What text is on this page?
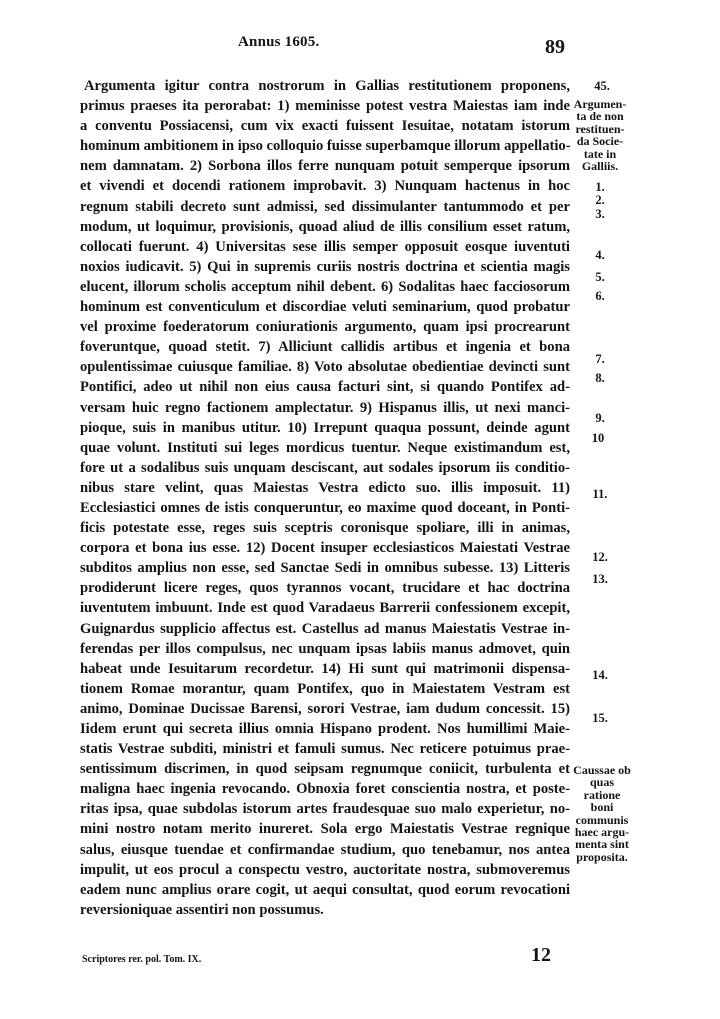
Annus 1605.	89
Argumenta igitur contra nostrorum in Gallias restitutionem proponens,
primus praeses ita perorabat: 1) meminisse potest vestra Maiestas iam inde
a conventu Possiacensi, cum vix exacti fuissent Iesuitae, notatam istorum
hominum ambitionem in ipso colloquio fuisse superbamque illorum appellatio-
nem damnatam. 2) Sorbona illos ferre nunquam potuit semperque ipsorum
et vivendi et docendi rationem improbavit. 3) Nunquam hactenus in hoc
regnum stabili decreto sunt admissi, sed dissimulanter tantummodo et per
modum, ut loquimur, provisionis, quoad aliud de illis consilium esset ratum,
collocati fuerunt. 4) Universitas sese illis semper opposuit eosque iuventuti
noxios iudicavit. 5) Qui in supremis curiis nostris doctrina et scientia magis
elucent, illorum scholis acceptum nihil debent. 6) Sodalitas haec facciosorum
hominum est conventiculum et discordiae veluti seminarium, quod probatur
vel proxime foederatorum coniurationis argumento, quam ipsi procrearunt
foveruntque, quoad stetit. 7) Alliciunt callidis artibus et ingenia et bona
opulentissimae cuiusque familiae. 8) Voto absolutae obedientiae devincti sunt
Pontifici, adeo ut nihil non eius causa facturi sint, si quando Pontifex ad-
versam huic regno factionem amplectatur. 9) Hispanus illis, ut nexi manci-
pioque, suis in manibus utitur. 10) Irrepunt quaqua possunt, deinde agunt
quae volunt. Instituti sui leges mordicus tuentur. Neque existimandum est,
fore ut a sodalibus suis unquam desciscant, aut sodales ipsorum iis conditio-
nibus stare velint, quas Maiestas Vestra edicto suo. illis imposuit. 11)
Ecclesiastici omnes de istis conqueruntur, eo maxime quod doceant, in Ponti-
ficis potestate esse, reges suis sceptris coronisque spoliare, illi in animas,
corpora et bona ius esse. 12) Docent insuper ecclesiasticos Maiestati Vestrae
subditos amplius non esse, sed Sanctae Sedi in omnibus subesse. 13) Litteris
prodiderunt licere reges, quos tyrannos vocant, trucidare et hac doctrina
iuventutem imbuunt. Inde est quod Varadaeus Barrerii confessionem excepit,
Guignardus supplicio affectus est. Castellus ad manus Maiestatis Vestrae in-
ferendas per illos compulsus, nec unquam ipsas labiis manus admovet, quin
habeat unde Iesuitarum recordetur. 14) Hi sunt qui matrimonii dispensa-
tionem Romae morantur, quam Pontifex, quo in Maiestatem Vestram est
animo, Dominae Ducissae Barensi, sorori Vestrae, iam dudum concessit. 15)
Iidem erunt qui secreta illius omnia Hispano prodent. Nos humillimi Maie-
statis Vestrae subditi, ministri et famuli sumus. Nec reticere potuimus prae-
sentissimum discrimen, in quod seipsam regnumque coniicit, turbulenta et
maligna haec ingenia revocando. Obnoxia foret conscientia nostra, et poste-
ritas ipsa, quae subdolas istorum artes fraudesquae suo malo experietur, no-
mini nostro notam merito inureret. Sola ergo Maiestatis Vestrae regnique
salus, eiusque tuendae et confirmandae studium, quo tenebamur, nos antea
impulit, ut eos procul a conspectu vestro, auctoritate nostra, submoveremus
eadem nunc amplius orare cogit, ut aequi consultat, quod eorum revocationi
reversioniquae assentiri non possumus.
45.
Argumen-
ta de non
restituen-
da Socie-
tate in
Galliis.
1.
2.
3.
4.
5.
6.
7.
8.
9.
10
11.
12.
13.
14.
15.
Caussae ob
quas
ratione
boni
communis
haec argu-
menta sint
proposita.
Scriptores rer. pol. Tom. IX.	12
